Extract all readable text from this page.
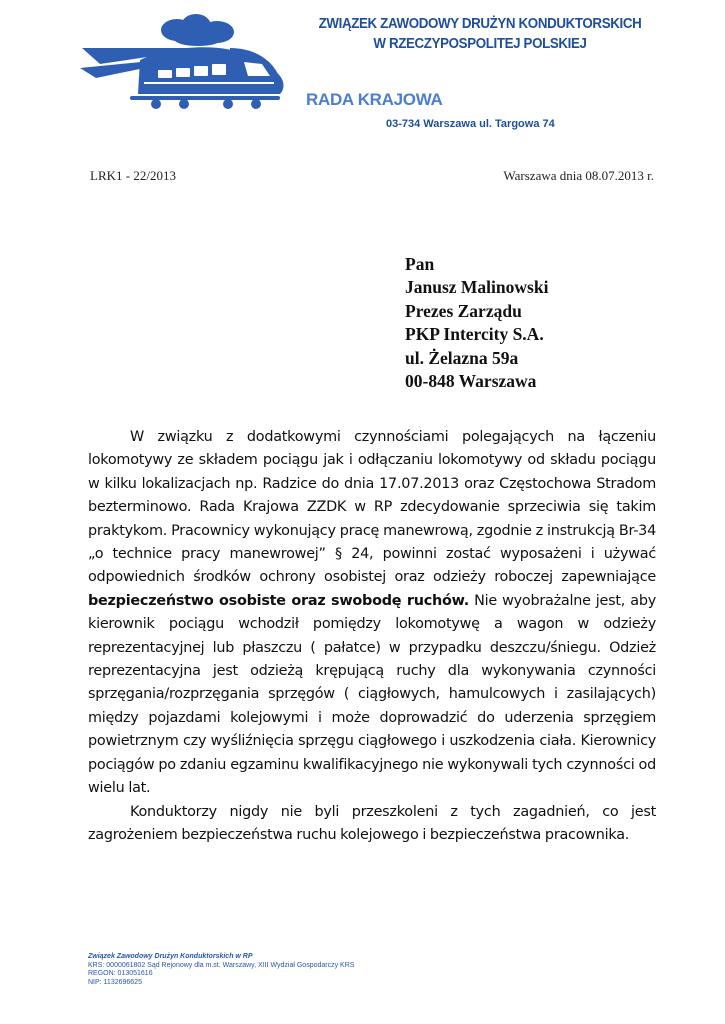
ZWIĄZEK ZAWODOWY DRUŻYN KONDUKTORSKICH
W RZECZYPOSPOLITEJ POLSKIEJ
RADA KRAJOWA
03-734 Warszawa ul. Targowa 74
LRK1 - 22/2013	Warszawa dnia 08.07.2013 r.
Pan
Janusz Malinowski
Prezes Zarządu
PKP Intercity S.A.
ul. Żelazna 59a
00-848 Warszawa

W związku z dodatkowymi czynnościami polegających na łączeniu lokomotywy ze składem pociągu jak i odłączaniu lokomotywy od składu pociągu w kilku lokalizacjach np. Radzice do dnia 17.07.2013 oraz Częstochowa Stradom bezterminowo. Rada Krajowa ZZDK w RP zdecydowanie sprzeciwia się takim praktykom. Pracownicy wykonujący pracę manewrową, zgodnie z instrukcją Br-34 „o technice pracy manewrowej” § 24, powinni zostać wyposażeni i używać odpowiednich środków ochrony osobistej oraz odzieży roboczej zapewniające bezpieczeństwo osobiste oraz swobodę ruchów. Nie wyobrażalne jest, aby kierownik pociągu wchodził pomiędzy lokomotywę a wagon w odzieży reprezentacyjnej lub płaszczu ( pałatce) w przypadku deszczu/śniegu. Odzież reprezentacyjna jest odzieżą krępującą ruchy dla wykonywania czynności sprzęgania/rozprzęgania sprzęgów ( ciągłowych, hamulcowych i zasilających) między pojazdami kolejowymi i może doprowadzić do uderzenia sprzęgiem powietrznym czy wyśliźnięcia sprzęgu ciągłowego i uszkodzenia ciała. Kierownicy pociągów po zdaniu egzaminu kwalifikacyjnego nie wykonywali tych czynności od wielu lat.

Konduktorzy nigdy nie byli przeszkoleni z tych zagadnień, co jest zagrożeniem bezpieczeństwa ruchu kolejowego i bezpieczeństwa pracownika.

Związek Zawodowy Drużyn Konduktorskich w RP
KRS: 0000061802 Sąd Rejonowy dla m.st. Warszawy, XIII Wydział Gospodarczy KRS
REGON: 013051616
NIP: 1132696625
